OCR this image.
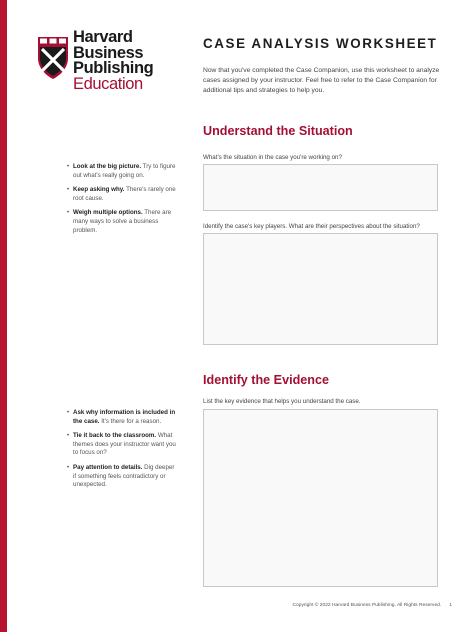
Harvard
Business
Publishing
Education
CASE ANALYSIS WORKSHEET

Now that you've completed the Case Companion, use this worksheet to analyze cases assigned by your instructor. Feel free to refer to the Case Companion for additional tips and strategies to help you.

Understand the Situation
• Look at the big picture. Try to figure out what's really going on.
• Keep asking why. There's rarely one root cause.
• Weigh multiple options. There are many ways to solve a business problem.
What's the situation in the case you're working on?
Identify the case's key players. What are their perspectives about the situation?
Identify the Evidence
• Ask why information is included in the case. It's there for a reason.
• Tie it back to the classroom. What themes does your instructor want you to focus on?
• Pay attention to details. Dig deeper if something feels contradictory or unexpected.
List the key evidence that helps you understand the case.
Copyright © 2022 Harvard Business Publishing. All Rights Reserved. 1
